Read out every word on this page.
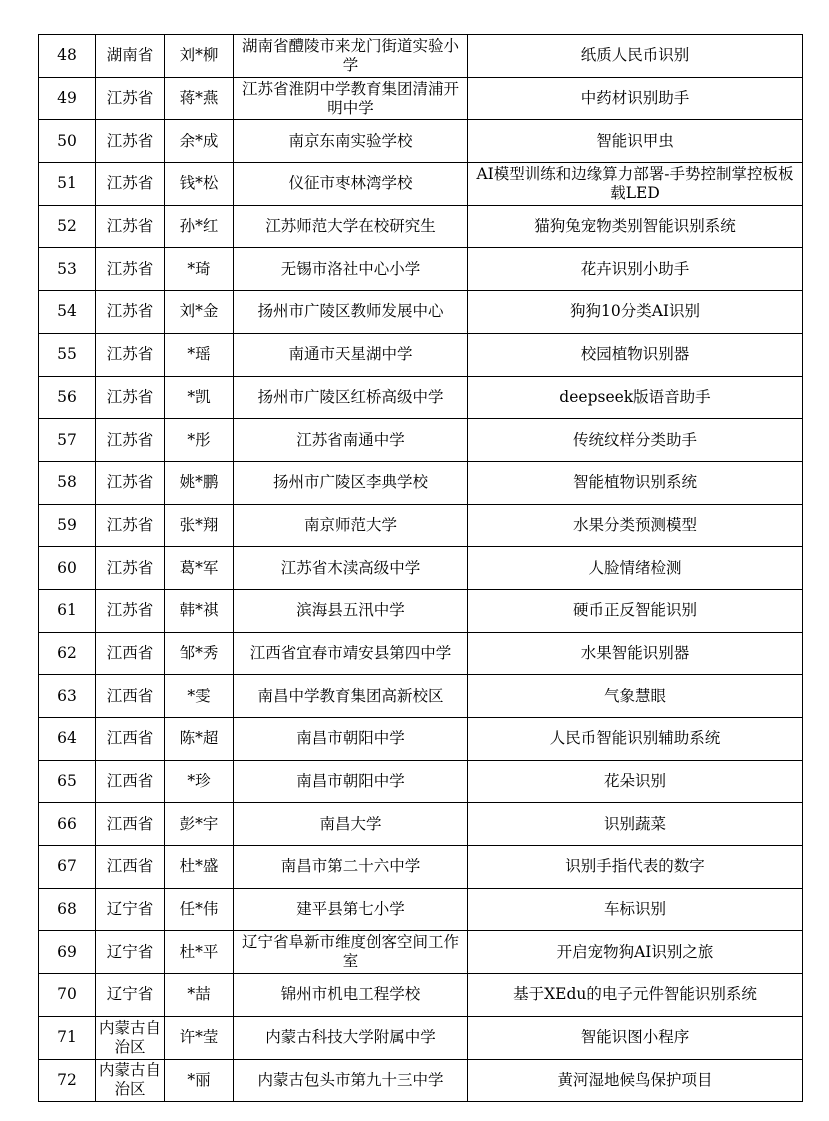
48	湖南省	刘*柳	湖南省醴陵市来龙门街道实验小学	纸质人民币识别
49	江苏省	蒋*燕	江苏省淮阴中学教育集团清浦开明中学	中药材识别助手
50	江苏省	余*成	南京东南实验学校	智能识甲虫
51	江苏省	钱*松	仪征市枣林湾学校	AI模型训练和边缘算力部署-手势控制掌控板板载LED
52	江苏省	孙*红	江苏师范大学在校研究生	猫狗兔宠物类别智能识别系统
53	江苏省	*琦	无锡市洛社中心小学	花卉识别小助手
54	江苏省	刘*金	扬州市广陵区教师发展中心	狗狗10分类AI识别
55	江苏省	*瑶	南通市天星湖中学	校园植物识别器
56	江苏省	*凯	扬州市广陵区红桥高级中学	deepseek版语音助手
57	江苏省	*彤	江苏省南通中学	传统纹样分类助手
58	江苏省	姚*鹏	扬州市广陵区李典学校	智能植物识别系统
59	江苏省	张*翔	南京师范大学	水果分类预测模型
60	江苏省	葛*军	江苏省木渎高级中学	人脸情绪检测
61	江苏省	韩*祺	滨海县五汛中学	硬币正反智能识别
62	江西省	邹*秀	江西省宜春市靖安县第四中学	水果智能识别器
63	江西省	*雯	南昌中学教育集团高新校区	气象慧眼
64	江西省	陈*超	南昌市朝阳中学	人民币智能识别辅助系统
65	江西省	*珍	南昌市朝阳中学	花朵识别
66	江西省	彭*宇	南昌大学	识别蔬菜
67	江西省	杜*盛	南昌市第二十六中学	识别手指代表的数字
68	辽宁省	任*伟	建平县第七小学	车标识别
69	辽宁省	杜*平	辽宁省阜新市维度创客空间工作室	开启宠物狗AI识别之旅
70	辽宁省	*喆	锦州市机电工程学校	基于XEdu的电子元件智能识别系统
71	内蒙古自治区	许*莹	内蒙古科技大学附属中学	智能识图小程序
72	内蒙古自治区	*丽	内蒙古包头市第九十三中学	黄河湿地候鸟保护项目
